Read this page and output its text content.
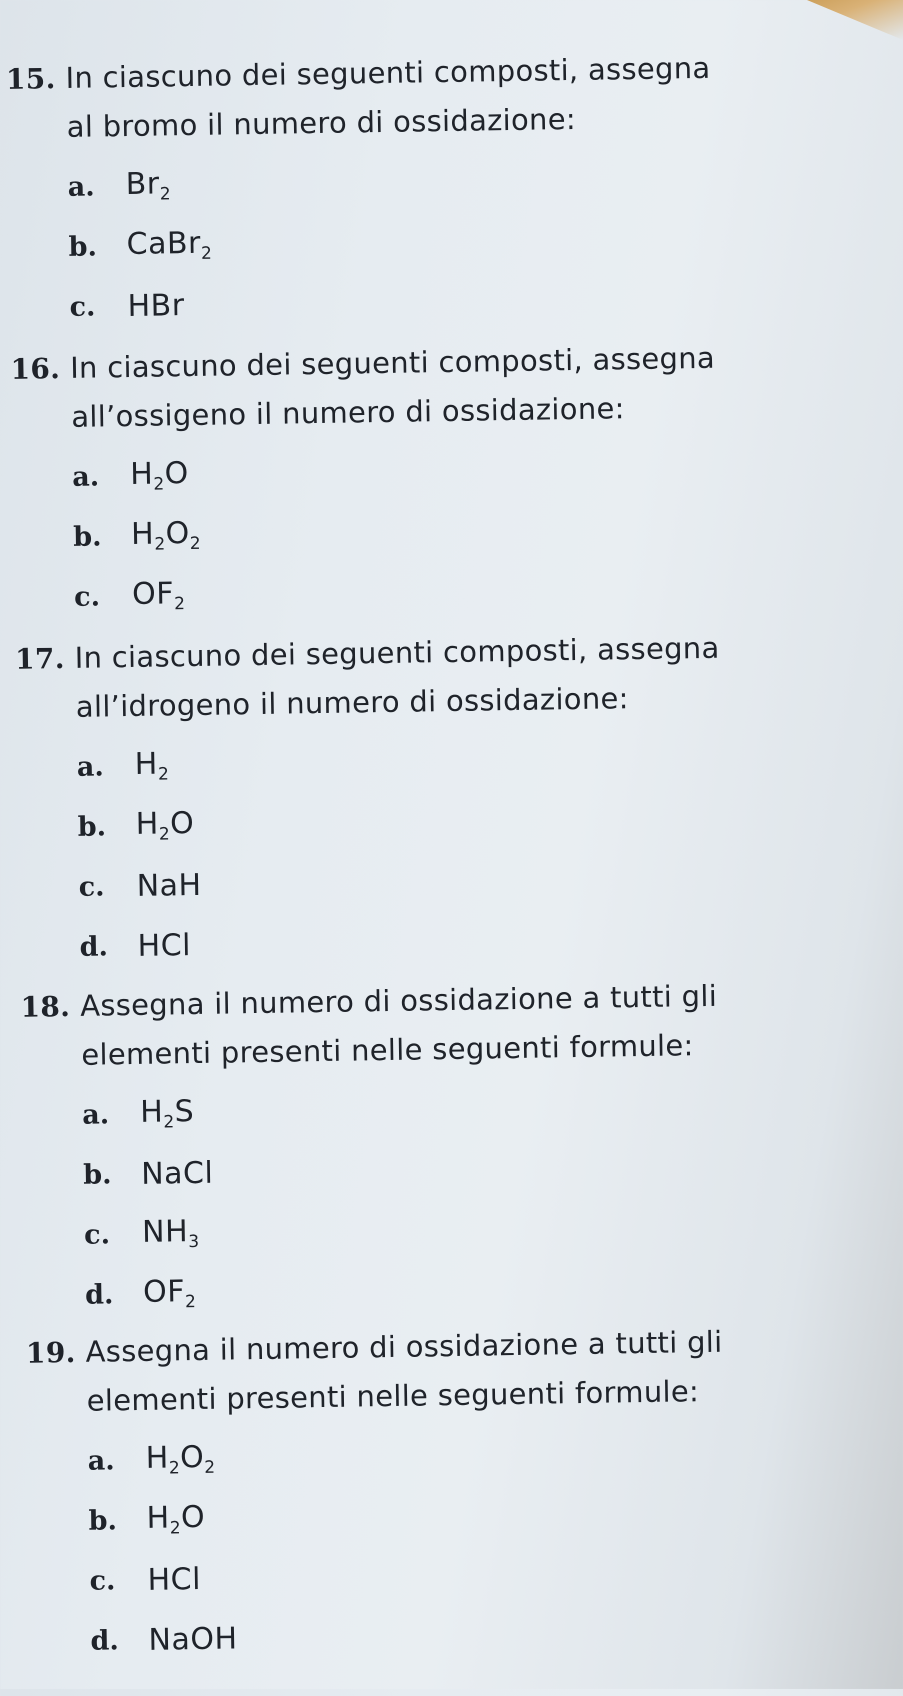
15. In ciascuno dei seguenti composti, assegna
al bromo il numero di ossidazione:
a.	$Br_2$
b. CaBr$_2$
c.	HBr
16. In ciascuno dei seguenti composti, assegna
all’ossigeno il numero di ossidazione:
a.	$H_2O$
b. $H_2O_2$
c.	$OF_2$
17. In ciascuno dei seguenti composti, assegna
all’idrogeno il numero di ossidazione:
a.	$H_2$
b. $H_2O$
c.	NaH
d. HCl
18. Assegna il numero di ossidazione a tutti gli
elementi presenti nelle seguenti formule:
a.	$H_2S$
b. NaCl
c.	$NH_3$
d. $OF_2$
19. Assegna il numero di ossidazione a tutti gli
elementi presenti nelle seguenti formule:
a.	$H_2O_2$
b. $H_2O$
c.	HCl
d. NaOH
